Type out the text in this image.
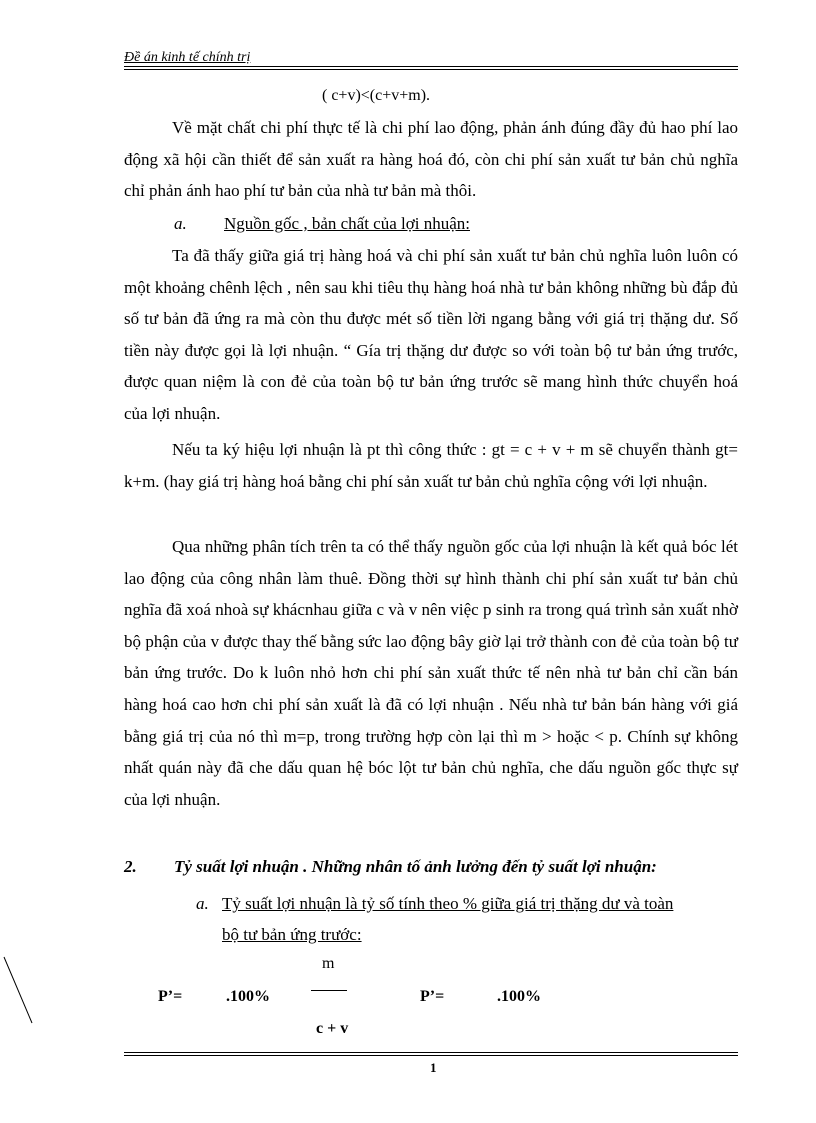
Đề án kinh tế chính trị
( c+v)<(c+v+m).
Về mặt chất chi phí thực tế là chi phí lao động, phản ánh đúng đầy đủ hao phí lao động xã hội cần thiết để sản xuất ra hàng hoá đó, còn chi phí sản xuất tư bản chủ nghĩa chỉ phản ánh hao phí tư bản của nhà tư bản mà thôi.
a. Nguồn gốc , bản chất của lợi nhuận:
Ta đã thấy giữa giá trị hàng hoá và chi phí sản xuất tư bản chủ nghĩa luôn luôn có một khoảng chênh lệch , nên sau khi tiêu thụ hàng hoá nhà tư bản không những bù đắp đủ số tư bản đã ứng ra mà còn thu được mét số tiền lời ngang bằng với giá trị thặng dư. Số tiền này được gọi là lợi nhuận. “ Gía trị thặng dư được so với toàn bộ tư bản ứng trước, được quan niệm là con đẻ của toàn bộ tư bản ứng trước sẽ mang hình thức chuyển hoá của lợi nhuận.
Nếu ta ký hiệu lợi nhuận là pt thì công thức : gt = c + v + m sẽ chuyển thành gt= k+m. (hay giá trị hàng hoá bằng chi phí sản xuất tư bản chủ nghĩa cộng với lợi nhuận.
Qua những phân tích trên ta có thể thấy nguồn gốc của lợi nhuận là kết quả bóc lét lao động của công nhân làm thuê. Đồng thời sự hình thành chi phí sản xuất tư bản chủ nghĩa đã xoá nhoà sự khácnhau giữa c và v nên việc p sinh ra trong quá trình sản xuất nhờ bộ phận của v được thay thế bằng sức lao động bây giờ lại trở thành con đẻ của toàn bộ tư bản ứng trước. Do k luôn nhỏ hơn chi phí sản xuất thức tế nên nhà tư bản chỉ cần bán hàng hoá cao hơn chi phí sản xuất là đã có lợi nhuận . Nếu nhà tư bản bán hàng với giá bằng giá trị của nó thì m=p, trong trường hợp còn lại thì m > hoặc < p. Chính sự không nhất quán này đã che dấu quan hệ bóc lột tư bản chủ nghĩa, che dấu nguồn gốc thực sự của lợi nhuận.
2. Tỷ suất lợi nhuận . Những nhân tố ảnh lưởng đến tỷ suất lợi nhuận:
a. Tỷ suất lợi nhuận là tỷ số tính theo % giữa giá trị thặng dư và toàn
bộ tư bản ứng trước:
P’=	.100%
m
c + v
P’=	.100%
1
